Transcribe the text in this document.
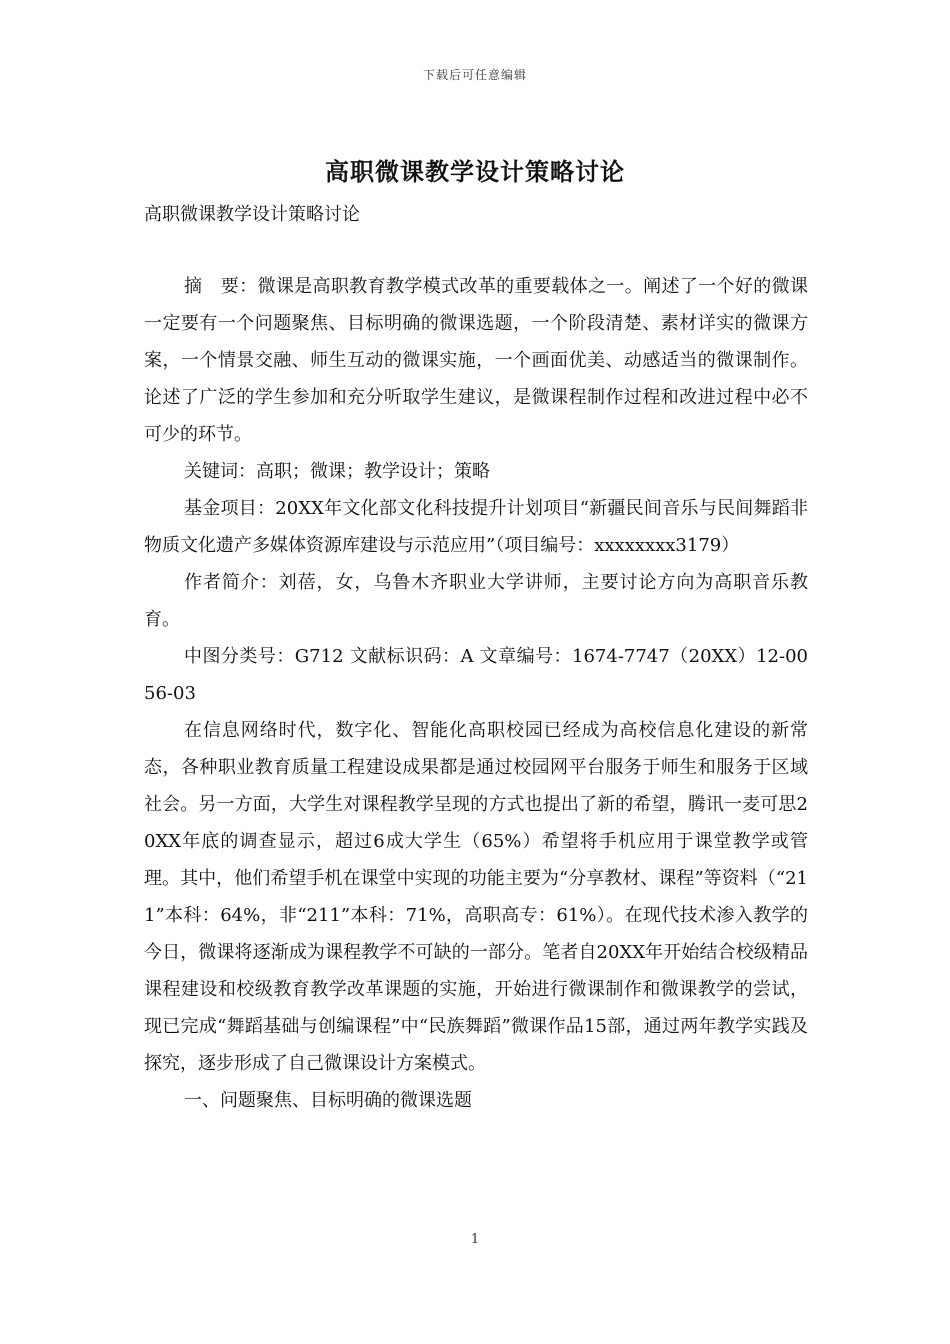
下载后可任意编辑
高职微课教学设计策略讨论
高职微课教学设计策略讨论

摘　要：微课是高职教育教学模式改革的重要载体之一。阐述了一个好的微课一定要有一个问题聚焦、目标明确的微课选题，一个阶段清楚、素材详实的微课方案，一个情景交融、师生互动的微课实施，一个画面优美、动感适当的微课制作。论述了广泛的学生参加和充分听取学生建议，是微课程制作过程和改进过程中必不可少的环节。

关键词：高职；微课；教学设计；策略

基金项目：20XX年文化部文化科技提升计划项目“新疆民间音乐与民间舞蹈非物质文化遗产多媒体资源库建设与示范应用”（项目编号：xxxxxxxx3179）

作者简介：刘蓓，女，乌鲁木齐职业大学讲师，主要讨论方向为高职音乐教育。

中图分类号：G712 文献标识码：A 文章编号：1674-7747（20XX）12-0056-03

在信息网络时代，数字化、智能化高职校园已经成为高校信息化建设的新常态，各种职业教育质量工程建设成果都是通过校园网平台服务于师生和服务于区域社会。另一方面，大学生对课程教学呈现的方式也提出了新的希望，腾讯一麦可思20XX年底的调查显示，超过6成大学生（65%）希望将手机应用于课堂教学或管理。其中，他们希望手机在课堂中实现的功能主要为“分享教材、课程”等资料（“211”本科：64%，非“211”本科：71%，高职高专：61%）。在现代技术渗入教学的今日，微课将逐渐成为课程教学不可缺的一部分。笔者自20XX年开始结合校级精品课程建设和校级教育教学改革课题的实施，开始进行微课制作和微课教学的尝试，现已完成“舞蹈基础与创编课程”中“民族舞蹈”微课作品15部，通过两年教学实践及探究，逐步形成了自己微课设计方案模式。

一、问题聚焦、目标明确的微课选题

1
